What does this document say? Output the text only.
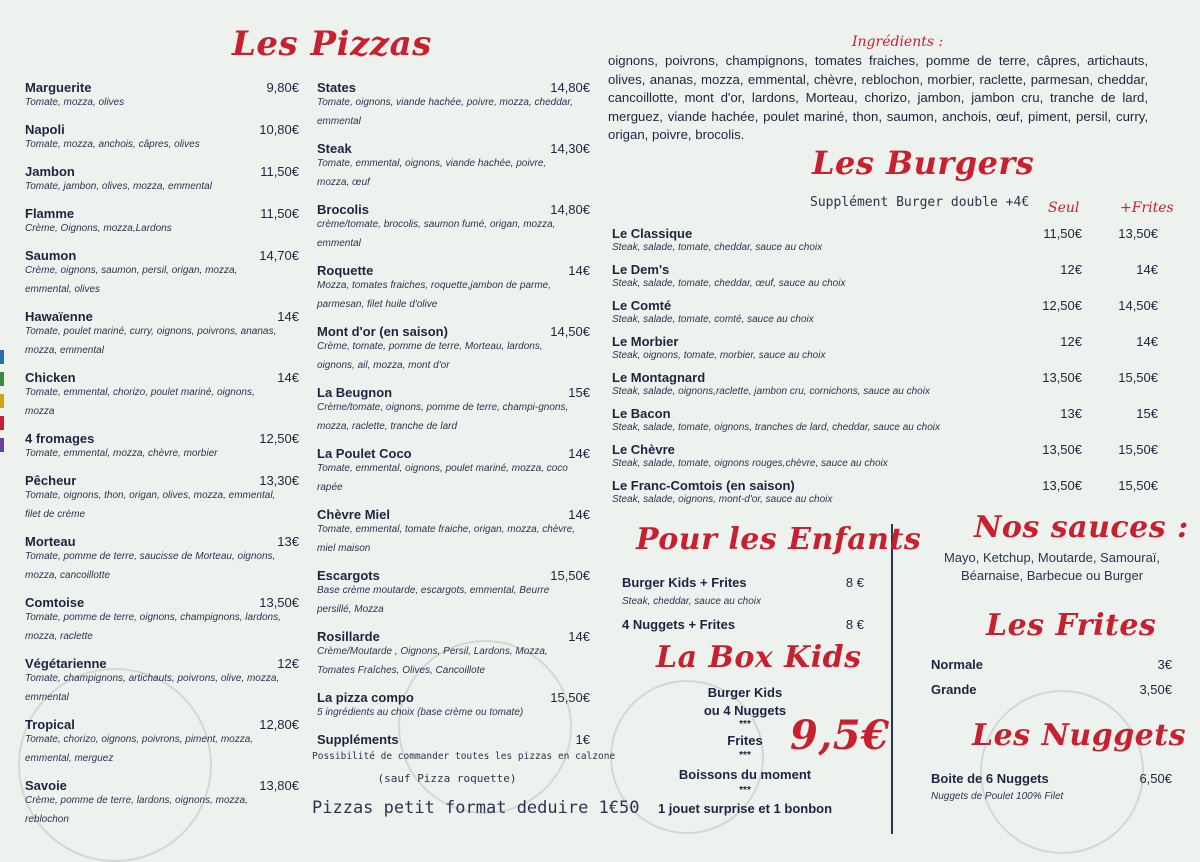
Les Pizzas
Marguerite	9,80€
Tomate, mozza, olives
Napoli	10,80€
Tomate, mozza, anchois, câpres, olives
Jambon	11,50€
Tomate, jambon, olives, mozza, emmental
Flamme	11,50€
Crème, Oignons, mozza,Lardons
Saumon	14,70€
Crème, oignons, saumon, persil, origan, mozza, emmental, olives
Hawaïenne	14€
Tomate, poulet mariné, curry, oignons, poivrons, ananas, mozza, emmental
Chicken	14€
Tomate, emmental, chorizo, poulet mariné, oignons, mozza
4 fromages	12,50€
Tomate, emmental, mozza, chèvre, morbier
Pêcheur	13,30€
Tomate, oignons, thon, origan, olives, mozza, emmental, filet de crème
Morteau	13€
Tomate, pomme de terre, saucisse de Morteau, oignons, mozza, cancoillotte
Comtoise	13,50€
Tomate, pomme de terre, oignons, champignons, lardons, mozza, raclette
Végétarienne	12€
Tomate, champignons, artichauts, poivrons, olive, mozza, emmental
Tropical	12,80€
Tomate, chorizo, oignons, poivrons, piment, mozza, emmental, merguez
Savoie	13,80€
Crème, pomme de terre, lardons, oignons, mozza, reblochon
States	14,80€
Tomate, oignons, viande hachée, poivre, mozza, cheddar, emmental
Steak	14,30€
Tomate, emmental, oignons, viande hachée, poivre, mozza, œuf
Brocolis	14,80€
crème/tomate, brocolis, saumon fumé, origan, mozza, emmental
Roquette	14€
Mozza, tomates fraiches, roquette,jambon de parme, parmesan, filet huile d'olive
Mont d'or (en saison)	14,50€
Crème, tomate, pomme de terre, Morteau, lardons, oignons, ail, mozza, mont d'or
La Beugnon	15€
Crème/tomate, oignons, pomme de terre, champi-gnons, mozza, raclette, tranche de lard
La Poulet Coco	14€
Tomate, emmental, oignons, poulet mariné, mozza, coco rapée
Chèvre Miel	14€
Tomate, emmental, tomate fraiche, origan, mozza, chèvre, miel maison
Escargots	15,50€
Base crème moutarde, escargots, emmental, Beurre persillé, Mozza
Rosillarde	14€
Crème/Moutarde , Oignons, Persil, Lardons, Mozza, Tomates Fraîches, Olives, Cancoillote
La pizza compo	15,50€
5 ingrédients au choix (base crème ou tomate)
Suppléments	1€
Possibilité de commander toutes les pizzas en calzone
(sauf Pizza roquette)
Pizzas petit format deduire 1€50
Ingrédients :
oignons, poivrons, champignons, tomates fraiches, pomme de terre, câpres, artichauts, olives, ananas, mozza, emmental, chèvre, reblochon, morbier, raclette, parmesan, cheddar, cancoillotte, mont d'or, lardons, Morteau, chorizo, jambon, jambon cru, tranche de lard, merguez, viande hachée, poulet mariné, thon, saumon, anchois, œuf, piment, persil, curry, origan, poivre, brocolis.
Les Burgers
Supplément Burger double +4€ Seul	+Frites
Le Classique	11,50€	13,50€
Steak, salade, tomate, cheddar, sauce au choix
Le Dem's	12€	14€
Steak, salade, tomate, cheddar, œuf, sauce au choix
Le Comté	12,50€	14,50€
Steak, salade, tomate, comté, sauce au choix
Le Morbier	12€	14€
Steak, oignons, tomate, morbier, sauce au choix
Le Montagnard	13,50€	15,50€
Steak, salade, oignons,raclette, jambon cru, cornichons, sauce au choix
Le Bacon	13€	15€
Steak, salade, tomate, oignons, tranches de lard, cheddar, sauce au choix
Le Chèvre	13,50€	15,50€
Steak, salade, tomate, oignons rouges,chèvre, sauce au choix
Le Franc-Comtois (en saison)	13,50€	15,50€
Steak, salade, oignons, mont-d'or, sauce au choix
Pour les Enfants
Burger Kids + Frites	8 €
Steak, cheddar, sauce au choix
4 Nuggets + Frites	8 €
La Box Kids
Burger Kids
ou 4 Nuggets
***
Frites
***
Boissons du moment
***
1 jouet surprise et 1 bonbon
9,5€
Nos sauces :
Mayo, Ketchup, Moutarde, Samouraï,
Béarnaise, Barbecue ou Burger
Les Frites
Normale	3€
Grande	3,50€
Les Nuggets
Boite de 6 Nuggets	6,50€
Nuggets de Poulet 100% Filet
